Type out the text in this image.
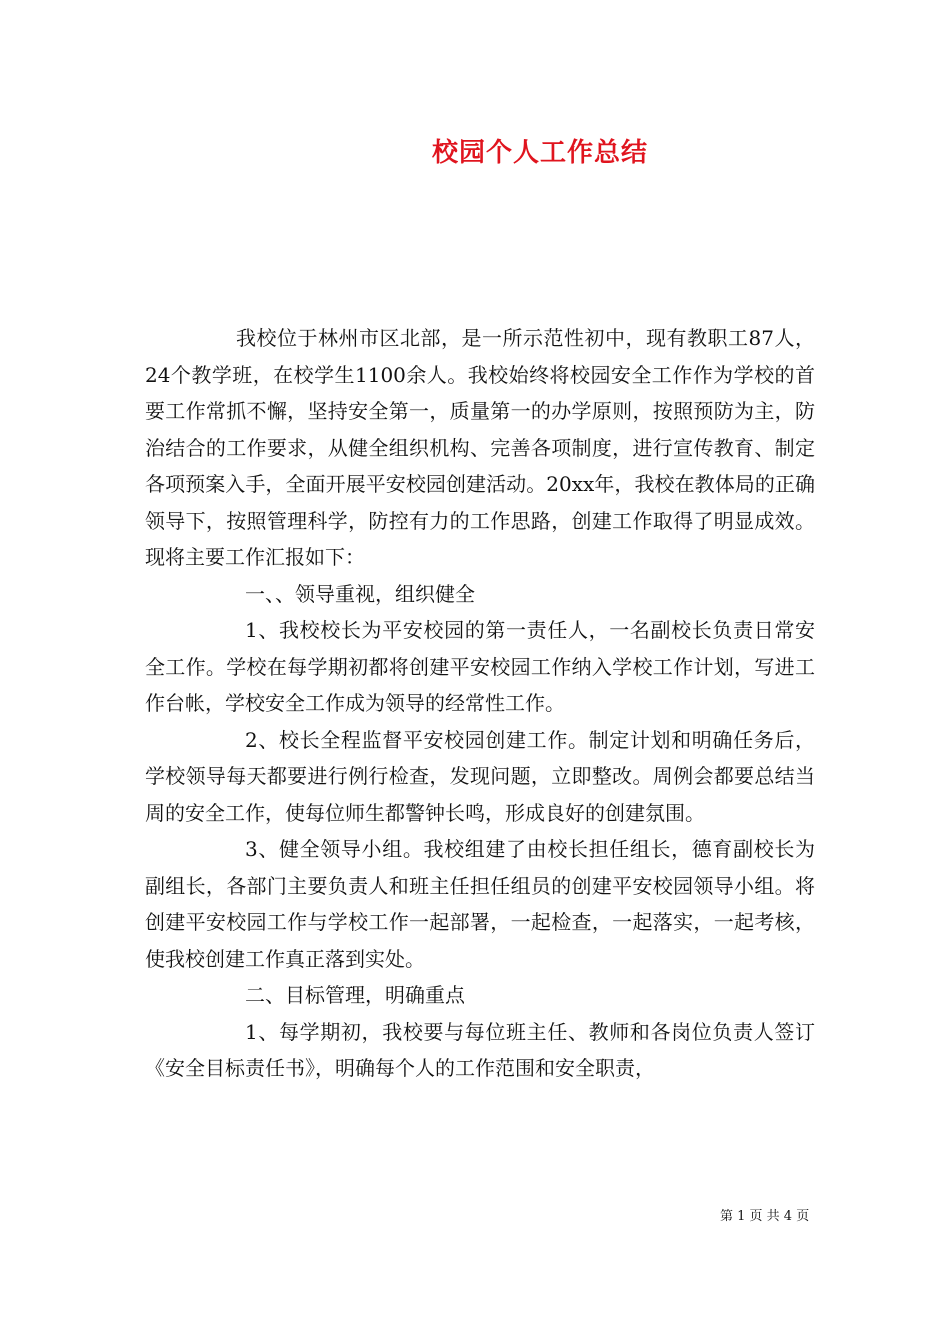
校园个人工作总结

我校位于林州市区北部，是一所示范性初中，现有教职工87人，24个教学班，在校学生1100余人。我校始终将校园安全工作作为学校的首要工作常抓不懈，坚持安全第一，质量第一的办学原则，按照预防为主，防治结合的工作要求，从健全组织机构、完善各项制度，进行宣传教育、制定各项预案入手，全面开展平安校园创建活动。20xx年，我校在教体局的正确领导下，按照管理科学，防控有力的工作思路，创建工作取得了明显成效。现将主要工作汇报如下：

一、、领导重视，组织健全

1、我校校长为平安校园的第一责任人，一名副校长负责日常安全工作。学校在每学期初都将创建平安校园工作纳入学校工作计划，写进工作台帐，学校安全工作成为领导的经常性工作。

2、校长全程监督平安校园创建工作。制定计划和明确任务后，学校领导每天都要进行例行检查，发现问题，立即整改。周例会都要总结当周的安全工作，使每位师生都警钟长鸣，形成良好的创建氛围。

3、健全领导小组。我校组建了由校长担任组长，德育副校长为副组长，各部门主要负责人和班主任担任组员的创建平安校园领导小组。将创建平安校园工作与学校工作一起部署，一起检查，一起落实，一起考核，使我校创建工作真正落到实处。

二、目标管理，明确重点

1、每学期初，我校要与每位班主任、教师和各岗位负责人签订《安全目标责任书》，明确每个人的工作范围和安全职责，

第 1 页 共 4 页
